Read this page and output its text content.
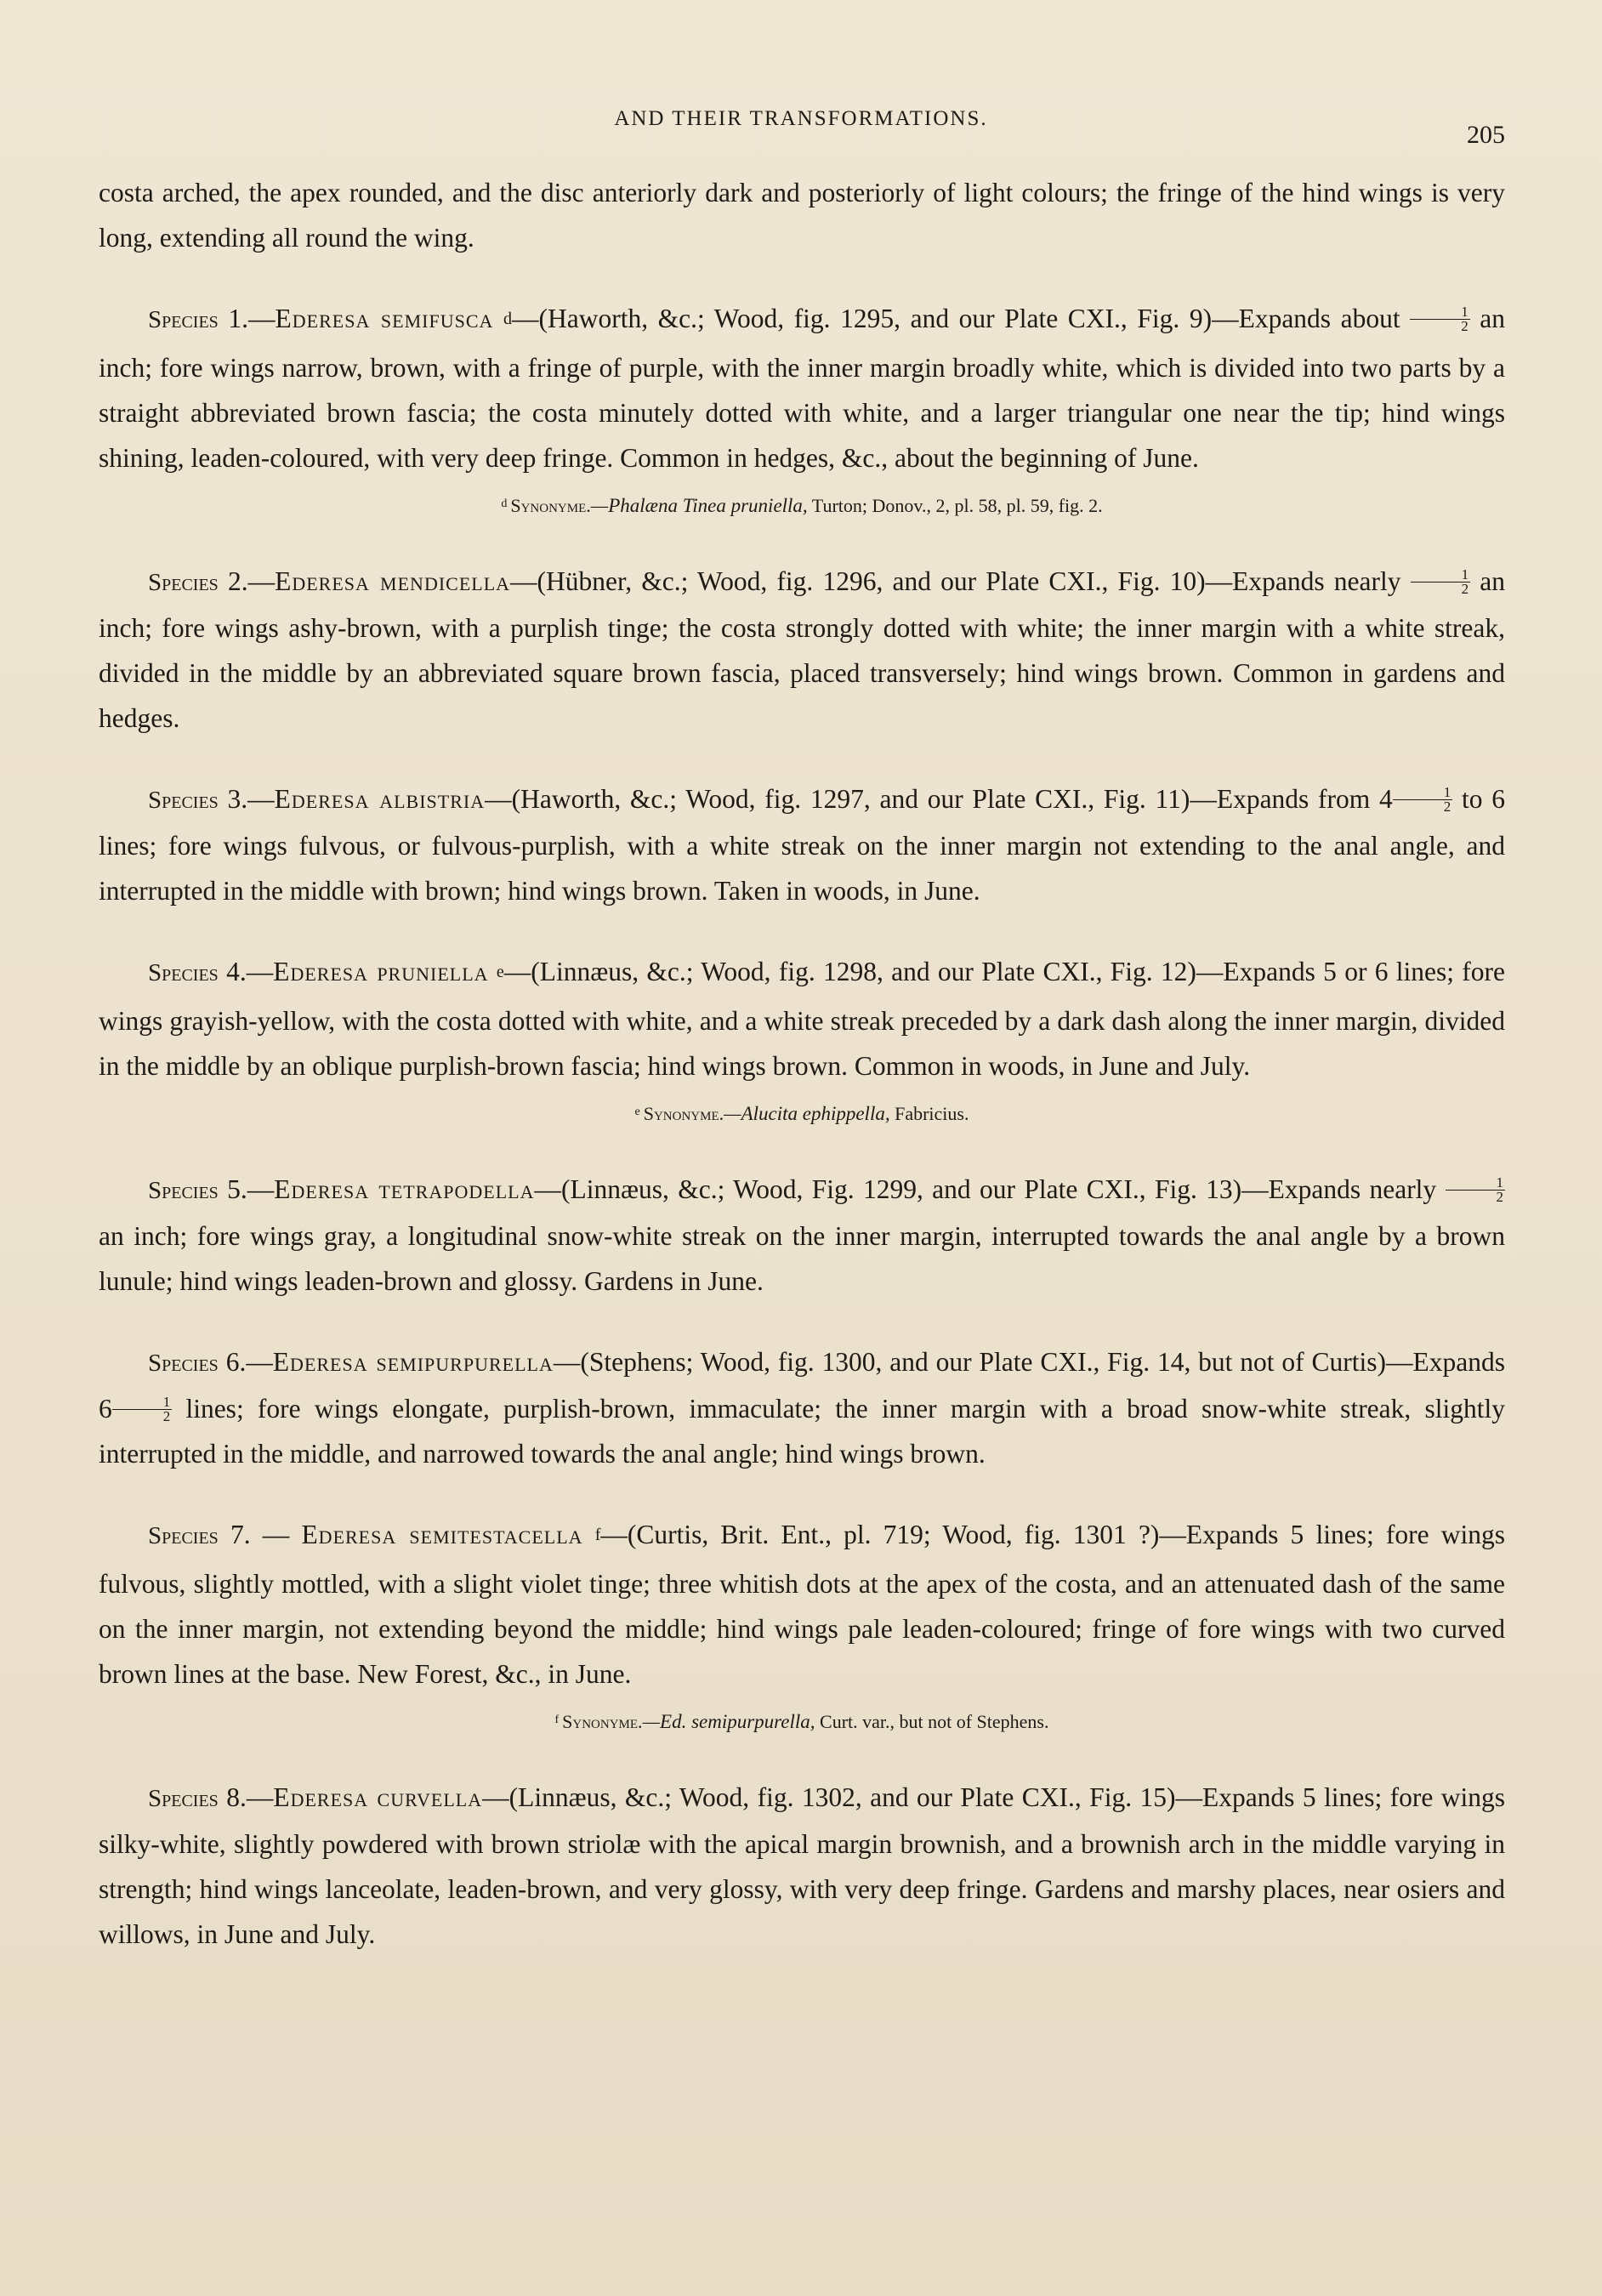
AND THEIR TRANSFORMATIONS.
205

costa arched, the apex rounded, and the disc anteriorly dark and posteriorly of light colours; the fringe of the hind wings is very long, extending all round the wing.

Species 1.—Ederesa semifusca $^d$—(Haworth, &c.; Wood, fig. 1295, and our Plate CXI., Fig. 9)—Expands about $\frac{1}{2}$ an inch; fore wings narrow, brown, with a fringe of purple, with the inner margin broadly white, which is divided into two parts by a straight abbreviated brown fascia; the costa minutely dotted with white, and a larger triangular one near the tip; hind wings shining, leaden-coloured, with very deep fringe. Common in hedges, &c., about the beginning of June.

$^d$ Synonyme.—Phalæna Tinea pruniella, Turton; Donov., 2, pl. 58, pl. 59, fig. 2.

Species 2.—Ederesa mendicella—(Hübner, &c.; Wood, fig. 1296, and our Plate CXI., Fig. 10)—Expands nearly $\frac{1}{2}$ an inch; fore wings ashy-brown, with a purplish tinge; the costa strongly dotted with white; the inner margin with a white streak, divided in the middle by an abbreviated square brown fascia, placed transversely; hind wings brown. Common in gardens and hedges.

Species 3.—Ederesa albistria—(Haworth, &c.; Wood, fig. 1297, and our Plate CXI., Fig. 11)—Expands from $4 \frac{1}{2}$ to 6 lines; fore wings fulvous, or fulvous-purplish, with a white streak on the inner margin not extending to the anal angle, and interrupted in the middle with brown; hind wings brown. Taken in woods, in June.

Species 4.—Ederesa pruniella $^e$—(Linnæus, &c.; Wood, fig. 1298, and our Plate CXI., Fig. 12)—Expands 5 or 6 lines; fore wings grayish-yellow, with the costa dotted with white, and a white streak preceded by a dark dash along the inner margin, divided in the middle by an oblique purplish-brown fascia; hind wings brown. Common in woods, in June and July.

$^e$ Synonyme.—Alucita ephippella, Fabricius.

Species 5.—Ederesa tetrapodella—(Linnæus, &c.; Wood, Fig. 1299, and our Plate CXI., Fig. 13)—Expands nearly $\frac{1}{2}$
an inch; fore wings gray, a longitudinal snow-white streak on the inner margin, interrupted towards the anal angle by a brown lunule; hind wings leaden-brown and glossy. Gardens in June.

Species 6.—Ederesa semipurpurella—(Stephens; Wood, fig. 1300, and our Plate CXI., Fig. 14, but not of Curtis)—Expands $6 \frac{1}{2}$ lines; fore wings elongate, purplish-brown, immaculate; the inner margin with a broad snow-white streak, slightly interrupted in the middle, and narrowed towards the anal angle; hind wings brown.

Species 7. — Ederesa semitestacella $^f$—(Curtis, Brit. Ent., pl. 719; Wood, fig. 1301 ?)—Expands 5 lines; fore wings fulvous, slightly mottled, with a slight violet tinge; three whitish dots at the apex of the costa, and an attenuated dash of the same on the inner margin, not extending beyond the middle; hind wings pale leaden-coloured; fringe of fore wings with two curved brown lines at the base. New Forest, &c., in June.

$^f$ Synonyme.—Ed. semipurpurella, Curt. var., but not of Stephens.

Species 8.—Ederesa curvella—(Linnæus, &c.; Wood, fig. 1302, and our Plate CXI., Fig. 15)—Expands 5 lines; fore wings silky-white, slightly powdered with brown striolæ with the apical margin brownish, and a brownish arch in the middle varying in strength; hind wings lanceolate, leaden-brown, and very glossy, with very deep fringe. Gardens and marshy places, near osiers and willows, in June and July.
